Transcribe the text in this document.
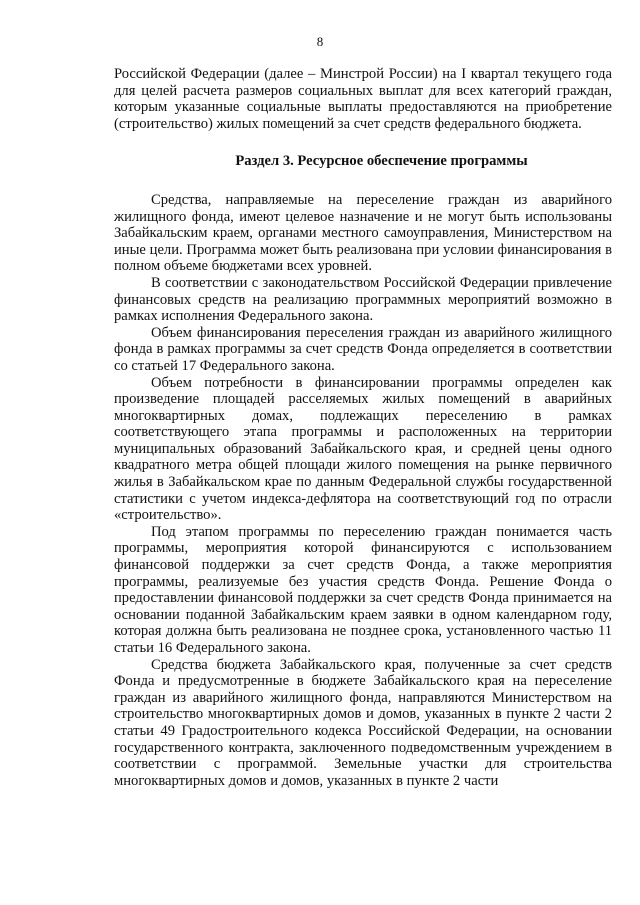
8

Российской Федерации (далее – Минстрой России) на I квартал текущего года для целей расчета размеров социальных выплат для всех категорий граждан, которым указанные социальные выплаты предоставляются на приобретение (строительство) жилых помещений за счет средств федерального бюджета.

Раздел 3. Ресурсное обеспечение программы

Средства, направляемые на переселение граждан из аварийного жилищного фонда, имеют целевое назначение и не могут быть использованы Забайкальским краем, органами местного самоуправления, Министерством на иные цели. Программа может быть реализована при условии финансирования в полном объеме бюджетами всех уровней.

В соответствии с законодательством Российской Федерации привлечение финансовых средств на реализацию программных мероприятий возможно в рамках исполнения Федерального закона.

Объем финансирования переселения граждан из аварийного жилищного фонда в рамках программы за счет средств Фонда определяется в соответствии со статьей 17 Федерального закона.

Объем потребности в финансировании программы определен как произведение площадей расселяемых жилых помещений в аварийных многоквартирных домах, подлежащих переселению в рамках соответствующего этапа программы и расположенных на территории муниципальных образований Забайкальского края, и средней цены одного квадратного метра общей площади жилого помещения на рынке первичного жилья в Забайкальском крае по данным Федеральной службы государственной статистики с учетом индекса-дефлятора на соответствующий год по отрасли «строительство».

Под этапом программы по переселению граждан понимается часть программы, мероприятия которой финансируются с использованием финансовой поддержки за счет средств Фонда, а также мероприятия программы, реализуемые без участия средств Фонда. Решение Фонда о предоставлении финансовой поддержки за счет средств Фонда принимается на основании поданной Забайкальским краем заявки в одном календарном году, которая должна быть реализована не позднее срока, установленного частью 11 статьи 16 Федерального закона.

Средства бюджета Забайкальского края, полученные за счет средств Фонда и предусмотренные в бюджете Забайкальского края на переселение граждан из аварийного жилищного фонда, направляются Министерством на строительство многоквартирных домов и домов, указанных в пункте 2 части 2 статьи 49 Градостроительного кодекса Российской Федерации, на основании государственного контракта, заключенного подведомственным учреждением в соответствии с программой. Земельные участки для строительства многоквартирных домов и домов, указанных в пункте 2 части
